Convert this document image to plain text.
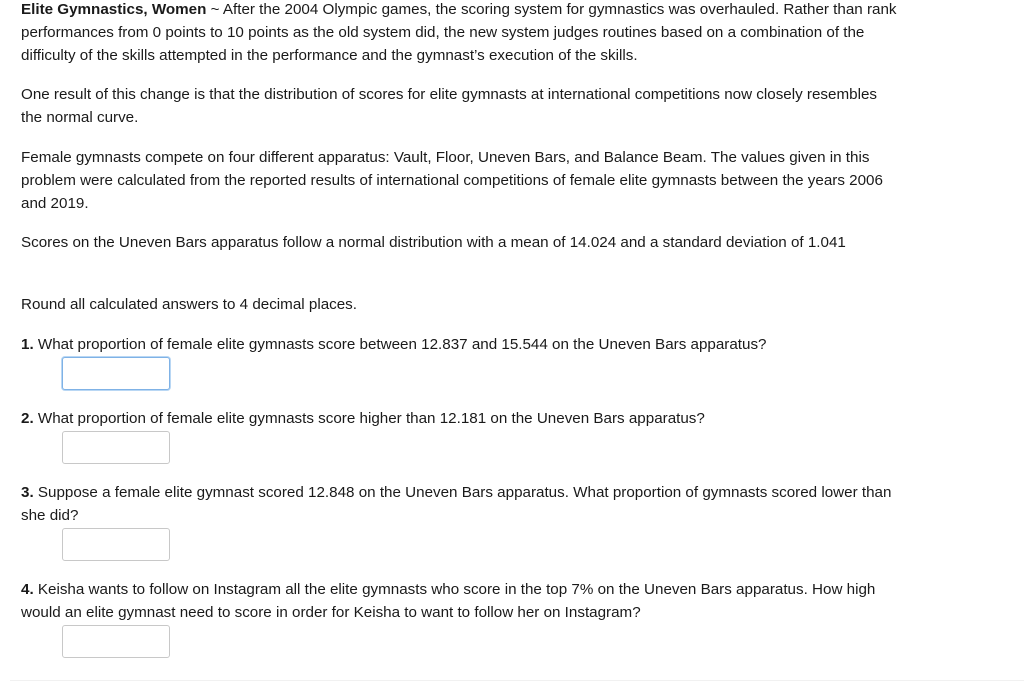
Elite Gymnastics, Women ~ After the 2004 Olympic games, the scoring system for gymnastics was overhauled. Rather than rank performances from 0 points to 10 points as the old system did, the new system judges routines based on a combination of the difficulty of the skills attempted in the performance and the gymnast’s execution of the skills.

One result of this change is that the distribution of scores for elite gymnasts at international competitions now closely resembles the normal curve.

Female gymnasts compete on four different apparatus: Vault, Floor, Uneven Bars, and Balance Beam. The values given in this problem were calculated from the reported results of international competitions of female elite gymnasts between the years 2006 and 2019.

Scores on the Uneven Bars apparatus follow a normal distribution with a mean of 14.024 and a standard deviation of 1.041

Round all calculated answers to 4 decimal places.

1. What proportion of female elite gymnasts score between 12.837 and 15.544 on the Uneven Bars apparatus?

2. What proportion of female elite gymnasts score higher than 12.181 on the Uneven Bars apparatus?

3. Suppose a female elite gymnast scored 12.848 on the Uneven Bars apparatus. What proportion of gymnasts scored lower than she did?

4. Keisha wants to follow on Instagram all the elite gymnasts who score in the top 7% on the Uneven Bars apparatus. How high would an elite gymnast need to score in order for Keisha to want to follow her on Instagram?
